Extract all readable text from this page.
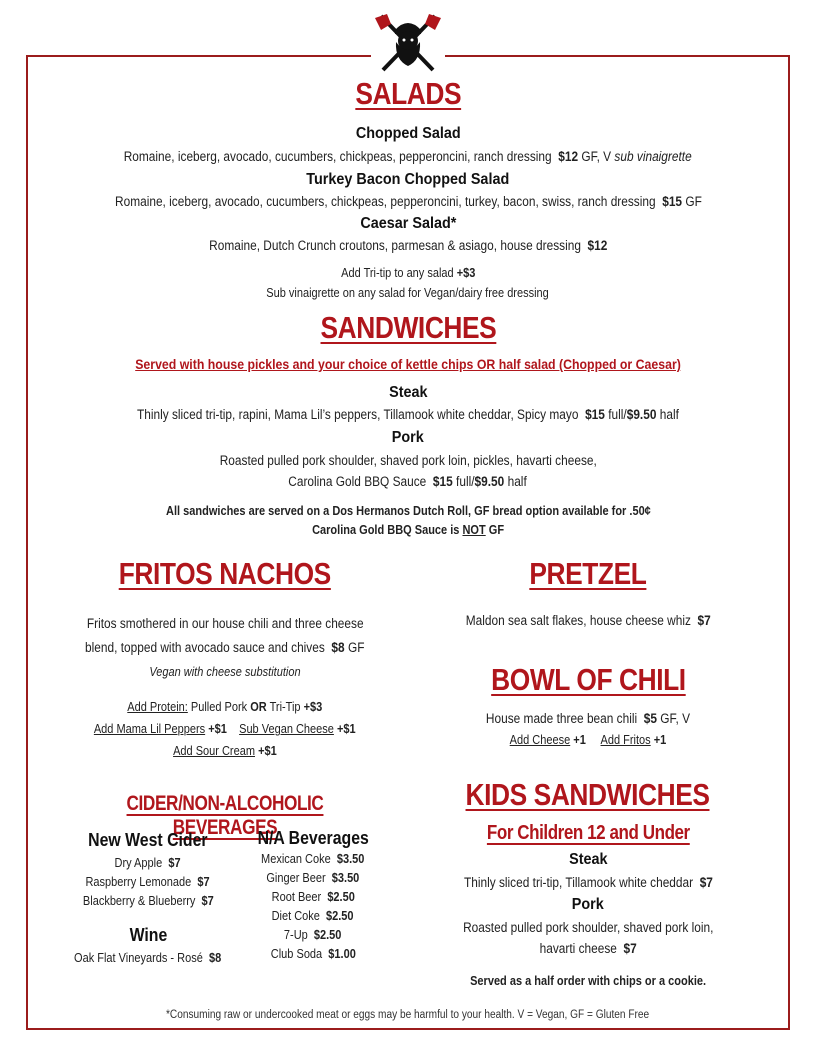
SALADS
Chopped Salad
Romaine, iceberg, avocado, cucumbers, chickpeas, pepperoncini, ranch dressing $12 GF, V sub vinaigrette
Turkey Bacon Chopped Salad
Romaine, iceberg, avocado, cucumbers, chickpeas, pepperoncini, turkey, bacon, swiss, ranch dressing $15 GF
Caesar Salad*
Romaine, Dutch Crunch croutons, parmesan & asiago, house dressing $12
Add Tri-tip to any salad +$3
Sub vinaigrette on any salad for Vegan/dairy free dressing
SANDWICHES
Served with house pickles and your choice of kettle chips OR half salad (Chopped or Caesar)
Steak
Thinly sliced tri-tip, rapini, Mama Lil’s peppers, Tillamook white cheddar, Spicy mayo $15 full/$9.50 half
Pork
Roasted pulled pork shoulder, shaved pork loin, pickles, havarti cheese,
Carolina Gold BBQ Sauce $15 full/$9.50 half
All sandwiches are served on a Dos Hermanos Dutch Roll, GF bread option available for .50¢
Carolina Gold BBQ Sauce is NOT GF
FRITOS NACHOS
Fritos smothered in our house chili and three cheese
blend, topped with avocado sauce and chives $8 GF
Vegan with cheese substitution
Add Protein: Pulled Pork OR Tri-Tip +$3
Add Mama Lil Peppers +$1 Sub Vegan Cheese +$1
Add Sour Cream +$1
PRETZEL
Maldon sea salt flakes, house cheese whiz $7
BOWL OF CHILI
House made three bean chili $5 GF, V
Add Cheese +1 Add Fritos +1
CIDER/NON-ALCOHOLIC BEVERAGES
New West Cider
Dry Apple $7
Raspberry Lemonade $7
Blackberry & Blueberry $7
Wine
Oak Flat Vineyards - Rosé $8
N/A Beverages
Mexican Coke $3.50
Ginger Beer $3.50
Root Beer $2.50
Diet Coke $2.50
7-Up $2.50
Club Soda $1.00
KIDS SANDWICHES
For Children 12 and Under
Steak
Thinly sliced tri-tip, Tillamook white cheddar $7
Pork
Roasted pulled pork shoulder, shaved pork loin,
havarti cheese $7
Served as a half order with chips or a cookie.
*Consuming raw or undercooked meat or eggs may be harmful to your health. V = Vegan, GF = Gluten Free
